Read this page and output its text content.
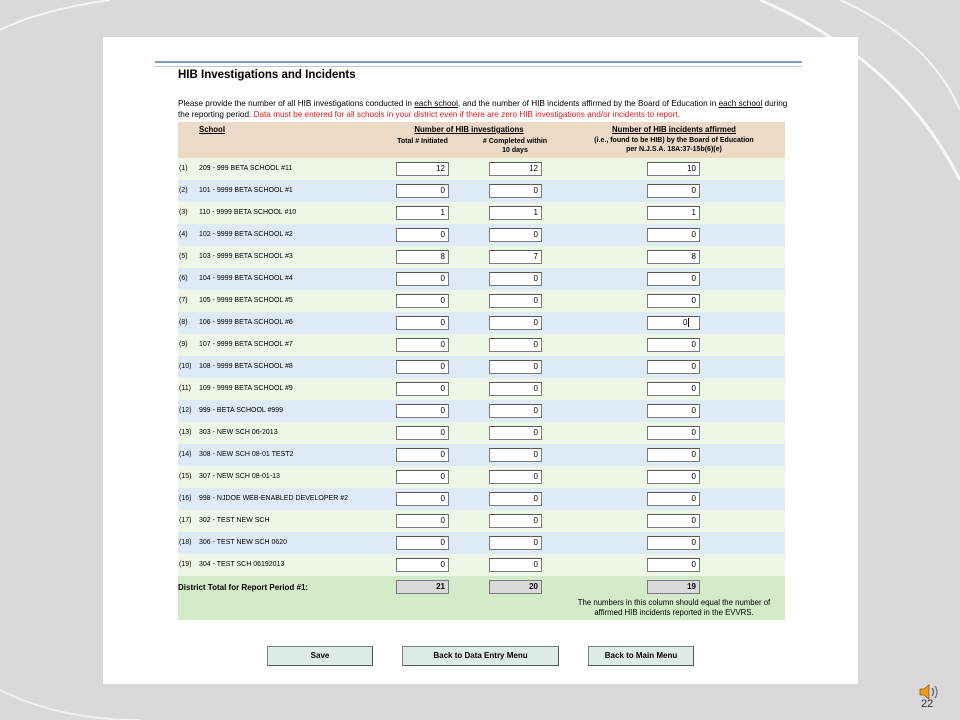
HIB Investigations and Incidents
Please provide the number of all HIB investigations conducted in each school, and the number of HIB incidents affirmed by the Board of Education in each school during the reporting period. Data must be entered for all schools in your district even if there are zero HIB investigations and/or incidents to report.
School	Number of HIB investigations
Total # Initiated	# Completed within
10 days
Number of HIB incidents affirmed
(i.e., found to be HIB) by the Board of Education
per N.J.S.A. 18A:37-15b(6)(e)
(1)	209 - 999 BETA SCHOOL #11	12	12	10
(2)	101 - 9999 BETA SCHOOL #1	0	0	0
(3)	110 - 9999 BETA SCHOOL #10	1	1	1
(4)	102 - 9999 BETA SCHOOL #2	0	0	0
(5)	103 - 9999 BETA SCHOOL #3	8	7	8
(6)	104 - 9999 BETA SCHOOL #4	0	0	0
(7)	105 - 9999 BETA SCHOOL #5	0	0	0
(8)	106 - 9999 BETA SCHOOL #6	0	0	0
(9)	107 - 9999 BETA SCHOOL #7	0	0	0
(10)	108 - 9999 BETA SCHOOL #8	0	0	0
(11)	109 - 9999 BETA SCHOOL #9	0	0	0
(12)	999 - BETA SCHOOL #999	0	0	0
(13)	303 - NEW SCH 06-2013	0	0	0
(14)	308 - NEW SCH 08-01 TEST2	0	0	0
(15)	307 - NEW SCH 08-01-13	0	0	0
(16)	998 - NJDOE WEB-ENABLED DEVELOPER #2	0	0	0
(17)	302 - TEST NEW SCH	0	0	0
(18)	306 - TEST NEW SCH 0620	0	0	0
(19)	304 - TEST SCH 06192013	0	0	0
District Total for Report Period #1:	21	20	19
The numbers in this column should equal the number of affirmed HIB incidents reported in the EVVRS.
Save	Back to Data Entry Menu	Back to Main Menu
22
